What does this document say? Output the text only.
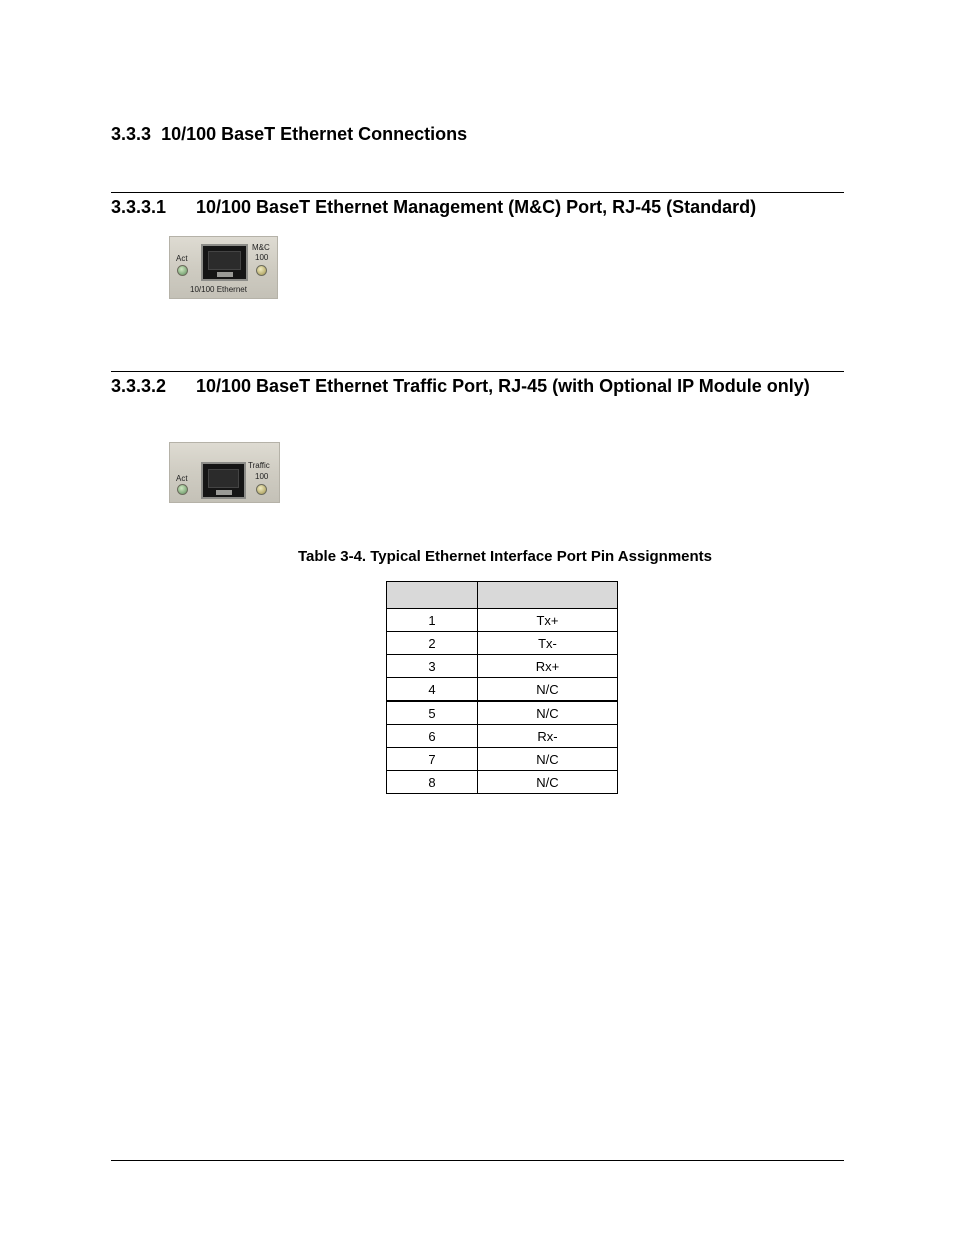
3.3.3 10/100 BaseT Ethernet Connections
3.3.3.1 10/100 BaseT Ethernet Management (M&C) Port, RJ-45 (Standard)
Act
M&C
100
10/100 Ethernet
3.3.3.2 10/100 BaseT Ethernet Traffic Port, RJ-45 (with Optional IP Module only)
Act
Traffic
100
Table 3-4. Typical Ethernet Interface Port Pin Assignments

1	Tx+
2	Tx-
3	Rx+
4	N/C
5	N/C
6	Rx-
7	N/C
8	N/C
